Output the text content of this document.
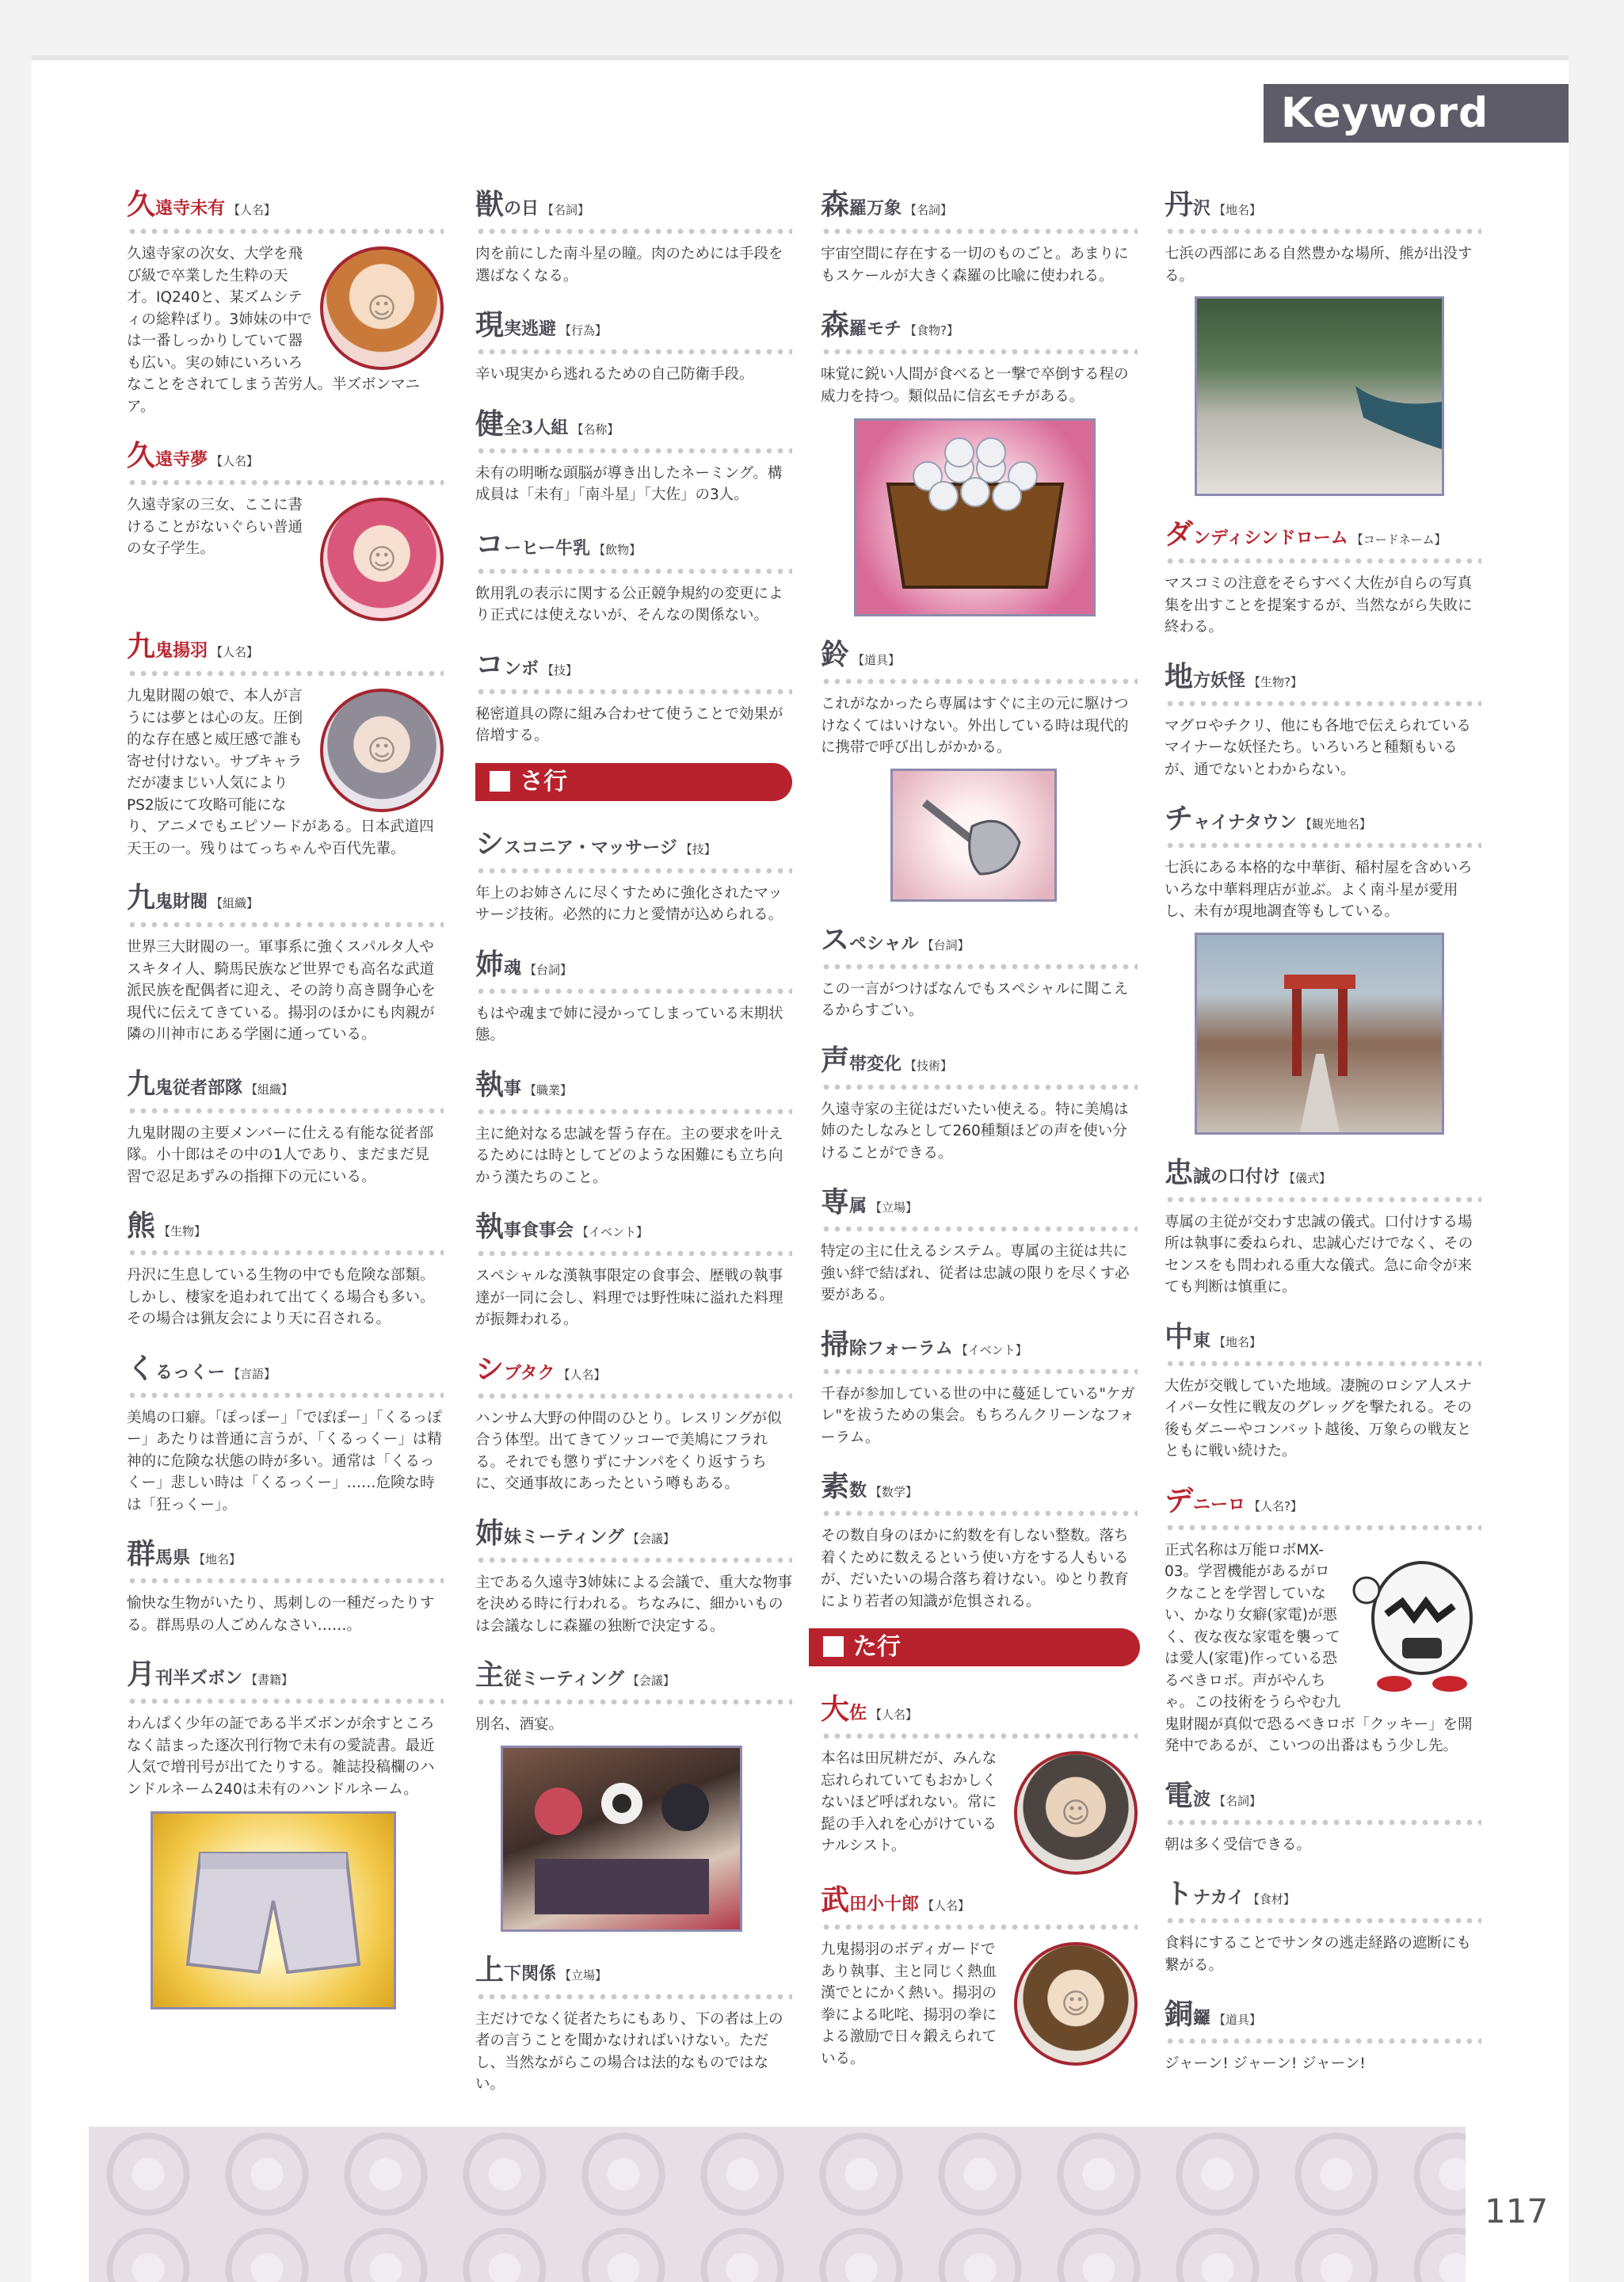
Keyword
久遠寺未有 【人名】
☺
久遠寺家の次女、大学を飛び級で卒業した生粋の天才。IQ240と、某ズムシティの総粋ばり。3姉妹の中では一番しっかりしていて器も広い。実の姉にいろいろなことをされてしまう苦労人。半ズボンマニア。
久遠寺夢 【人名】
☺
久遠寺家の三女、ここに書けることがないぐらい普通の女子学生。
九鬼揚羽 【人名】
☺
九鬼財閥の娘で、本人が言うには夢とは心の友。圧倒的な存在感と威圧感で誰も寄せ付けない。サブキャラだが凄まじい人気によりPS2版にて攻略可能になり、アニメでもエピソードがある。日本武道四天王の一。残りはてっちゃんや百代先輩。
九鬼財閥 【組織】
世界三大財閥の一。軍事系に強くスパルタ人やスキタイ人、騎馬民族など世界でも高名な武道派民族を配偶者に迎え、その誇り高き闘争心を現代に伝えてきている。揚羽のほかにも肉親が隣の川神市にある学園に通っている。
九鬼従者部隊 【組織】
九鬼財閥の主要メンバーに仕える有能な従者部隊。小十郎はその中の1人であり、まだまだ見習で忍足あずみの指揮下の元にいる。
熊 【生物】
丹沢に生息している生物の中でも危険な部類。しかし、棲家を追われて出てくる場合も多い。その場合は猟友会により天に召される。
くるっくー 【言語】
美鳩の口癖。「ぽっぽー」「でぽぽー」「くるっぽー」あたりは普通に言うが、「くるっくー」は精神的に危険な状態の時が多い。通常は「くるっくー」悲しい時は「くるっくー」……危険な時は「狂っくー」。
群馬県 【地名】
愉快な生物がいたり、馬刺しの一種だったりする。群馬県の人ごめんなさい……。
月刊半ズボン 【書籍】
わんぱく少年の証である半ズボンが余すところなく詰まった逐次刊行物で未有の愛読書。最近人気で増刊号が出てたりする。雑誌投稿欄のハンドルネーム240は未有のハンドルネーム。
獣の日 【名詞】
肉を前にした南斗星の瞳。肉のためには手段を選ばなくなる。
現実逃避 【行為】
辛い現実から逃れるための自己防衛手段。
健全3人組 【名称】
未有の明晰な頭脳が導き出したネーミング。構成員は「未有」「南斗星」「大佐」の3人。
コーヒー牛乳 【飲物】
飲用乳の表示に関する公正競争規約の変更により正式には使えないが、そんなの関係ない。
コンボ 【技】
秘密道具の際に組み合わせて使うことで効果が倍増する。
さ行
シスコニア・マッサージ 【技】
年上のお姉さんに尽くすために強化されたマッサージ技術。必然的に力と愛情が込められる。
姉魂 【台詞】
もはや魂まで姉に浸かってしまっている末期状態。
執事 【職業】
主に絶対なる忠誠を誓う存在。主の要求を叶えるためには時としてどのような困難にも立ち向かう漢たちのこと。
執事食事会 【イベント】
スペシャルな漢執事限定の食事会、歴戦の執事達が一同に会し、料理では野性味に溢れた料理が振舞われる。
シブタク 【人名】
ハンサム大野の仲間のひとり。レスリングが似合う体型。出てきてソッコーで美鳩にフラれる。それでも懲りずにナンパをくり返すうちに、交通事故にあったという噂もある。
姉妹ミーティング 【会議】
主である久遠寺3姉妹による会議で、重大な物事を決める時に行われる。ちなみに、細かいものは会議なしに森羅の独断で決定する。
主従ミーティング 【会議】
別名、酒宴。
上下関係 【立場】
主だけでなく従者たちにもあり、下の者は上の者の言うことを聞かなければいけない。ただし、当然ながらこの場合は法的なものではない。
森羅万象 【名詞】
宇宙空間に存在する一切のものごと。あまりにもスケールが大きく森羅の比喩に使われる。
森羅モチ 【食物?】
味覚に鋭い人間が食べると一撃で卒倒する程の威力を持つ。類似品に信玄モチがある。
鈴 【道具】
これがなかったら専属はすぐに主の元に駆けつけなくてはいけない。外出している時は現代的に携帯で呼び出しがかかる。
スペシャル 【台詞】
この一言がつけばなんでもスペシャルに聞こえるからすごい。
声帯変化 【技術】
久遠寺家の主従はだいたい使える。特に美鳩は姉のたしなみとして260種類ほどの声を使い分けることができる。
専属 【立場】
特定の主に仕えるシステム。専属の主従は共に強い絆で結ばれ、従者は忠誠の限りを尽くす必要がある。
掃除フォーラム 【イベント】
千春が参加している世の中に蔓延している"ケガレ"を祓うための集会。もちろんクリーンなフォーラム。
素数 【数学】
その数自身のほかに約数を有しない整数。落ち着くために数えるという使い方をする人もいるが、だいたいの場合落ち着けない。ゆとり教育により若者の知識が危惧される。
た行
大佐 【人名】
☺
本名は田尻耕だが、みんな忘れられていてもおかしくないほど呼ばれない。常に髭の手入れを心がけているナルシスト。
武田小十郎 【人名】
☺
九鬼揚羽のボディガードであり執事、主と同じく熱血漢でとにかく熱い。揚羽の拳による叱咤、揚羽の拳による激励で日々鍛えられている。
丹沢 【地名】
七浜の西部にある自然豊かな場所、熊が出没する。
ダンディシンドローム 【コードネーム】
マスコミの注意をそらすべく大佐が自らの写真集を出すことを提案するが、当然ながら失敗に終わる。
地方妖怪 【生物?】
マグロやチクリ、他にも各地で伝えられているマイナーな妖怪たち。いろいろと種類もいるが、通でないとわからない。
チャイナタウン 【観光地名】
七浜にある本格的な中華街、稲村屋を含めいろいろな中華料理店が並ぶ。よく南斗星が愛用し、未有が現地調査等もしている。
忠誠の口付け 【儀式】
専属の主従が交わす忠誠の儀式。口付けする場所は執事に委ねられ、忠誠心だけでなく、そのセンスをも問われる重大な儀式。急に命令が来ても判断は慎重に。
中東 【地名】
大佐が交戦していた地域。凄腕のロシア人スナイパー女性に戦友のグレッグを撃たれる。その後もダニーやコンバット越後、万象らの戦友とともに戦い続けた。
デニーロ 【人名?】
正式名称は万能ロボMX-03。学習機能があるがロクなことを学習していない、かなり女癖(家電)が悪く、夜な夜な家電を襲っては愛人(家電)作っている恐るべきロボ。声がやんちゃ。この技術をうらやむ九鬼財閥が真似で恐るべきロボ「クッキー」を開発中であるが、こいつの出番はもう少し先。
電波 【名詞】
朝は多く受信できる。
トナカイ 【食材】
食料にすることでサンタの逃走経路の遮断にも繋がる。
銅鑼 【道具】
ジャーン! ジャーン! ジャーン!
117
